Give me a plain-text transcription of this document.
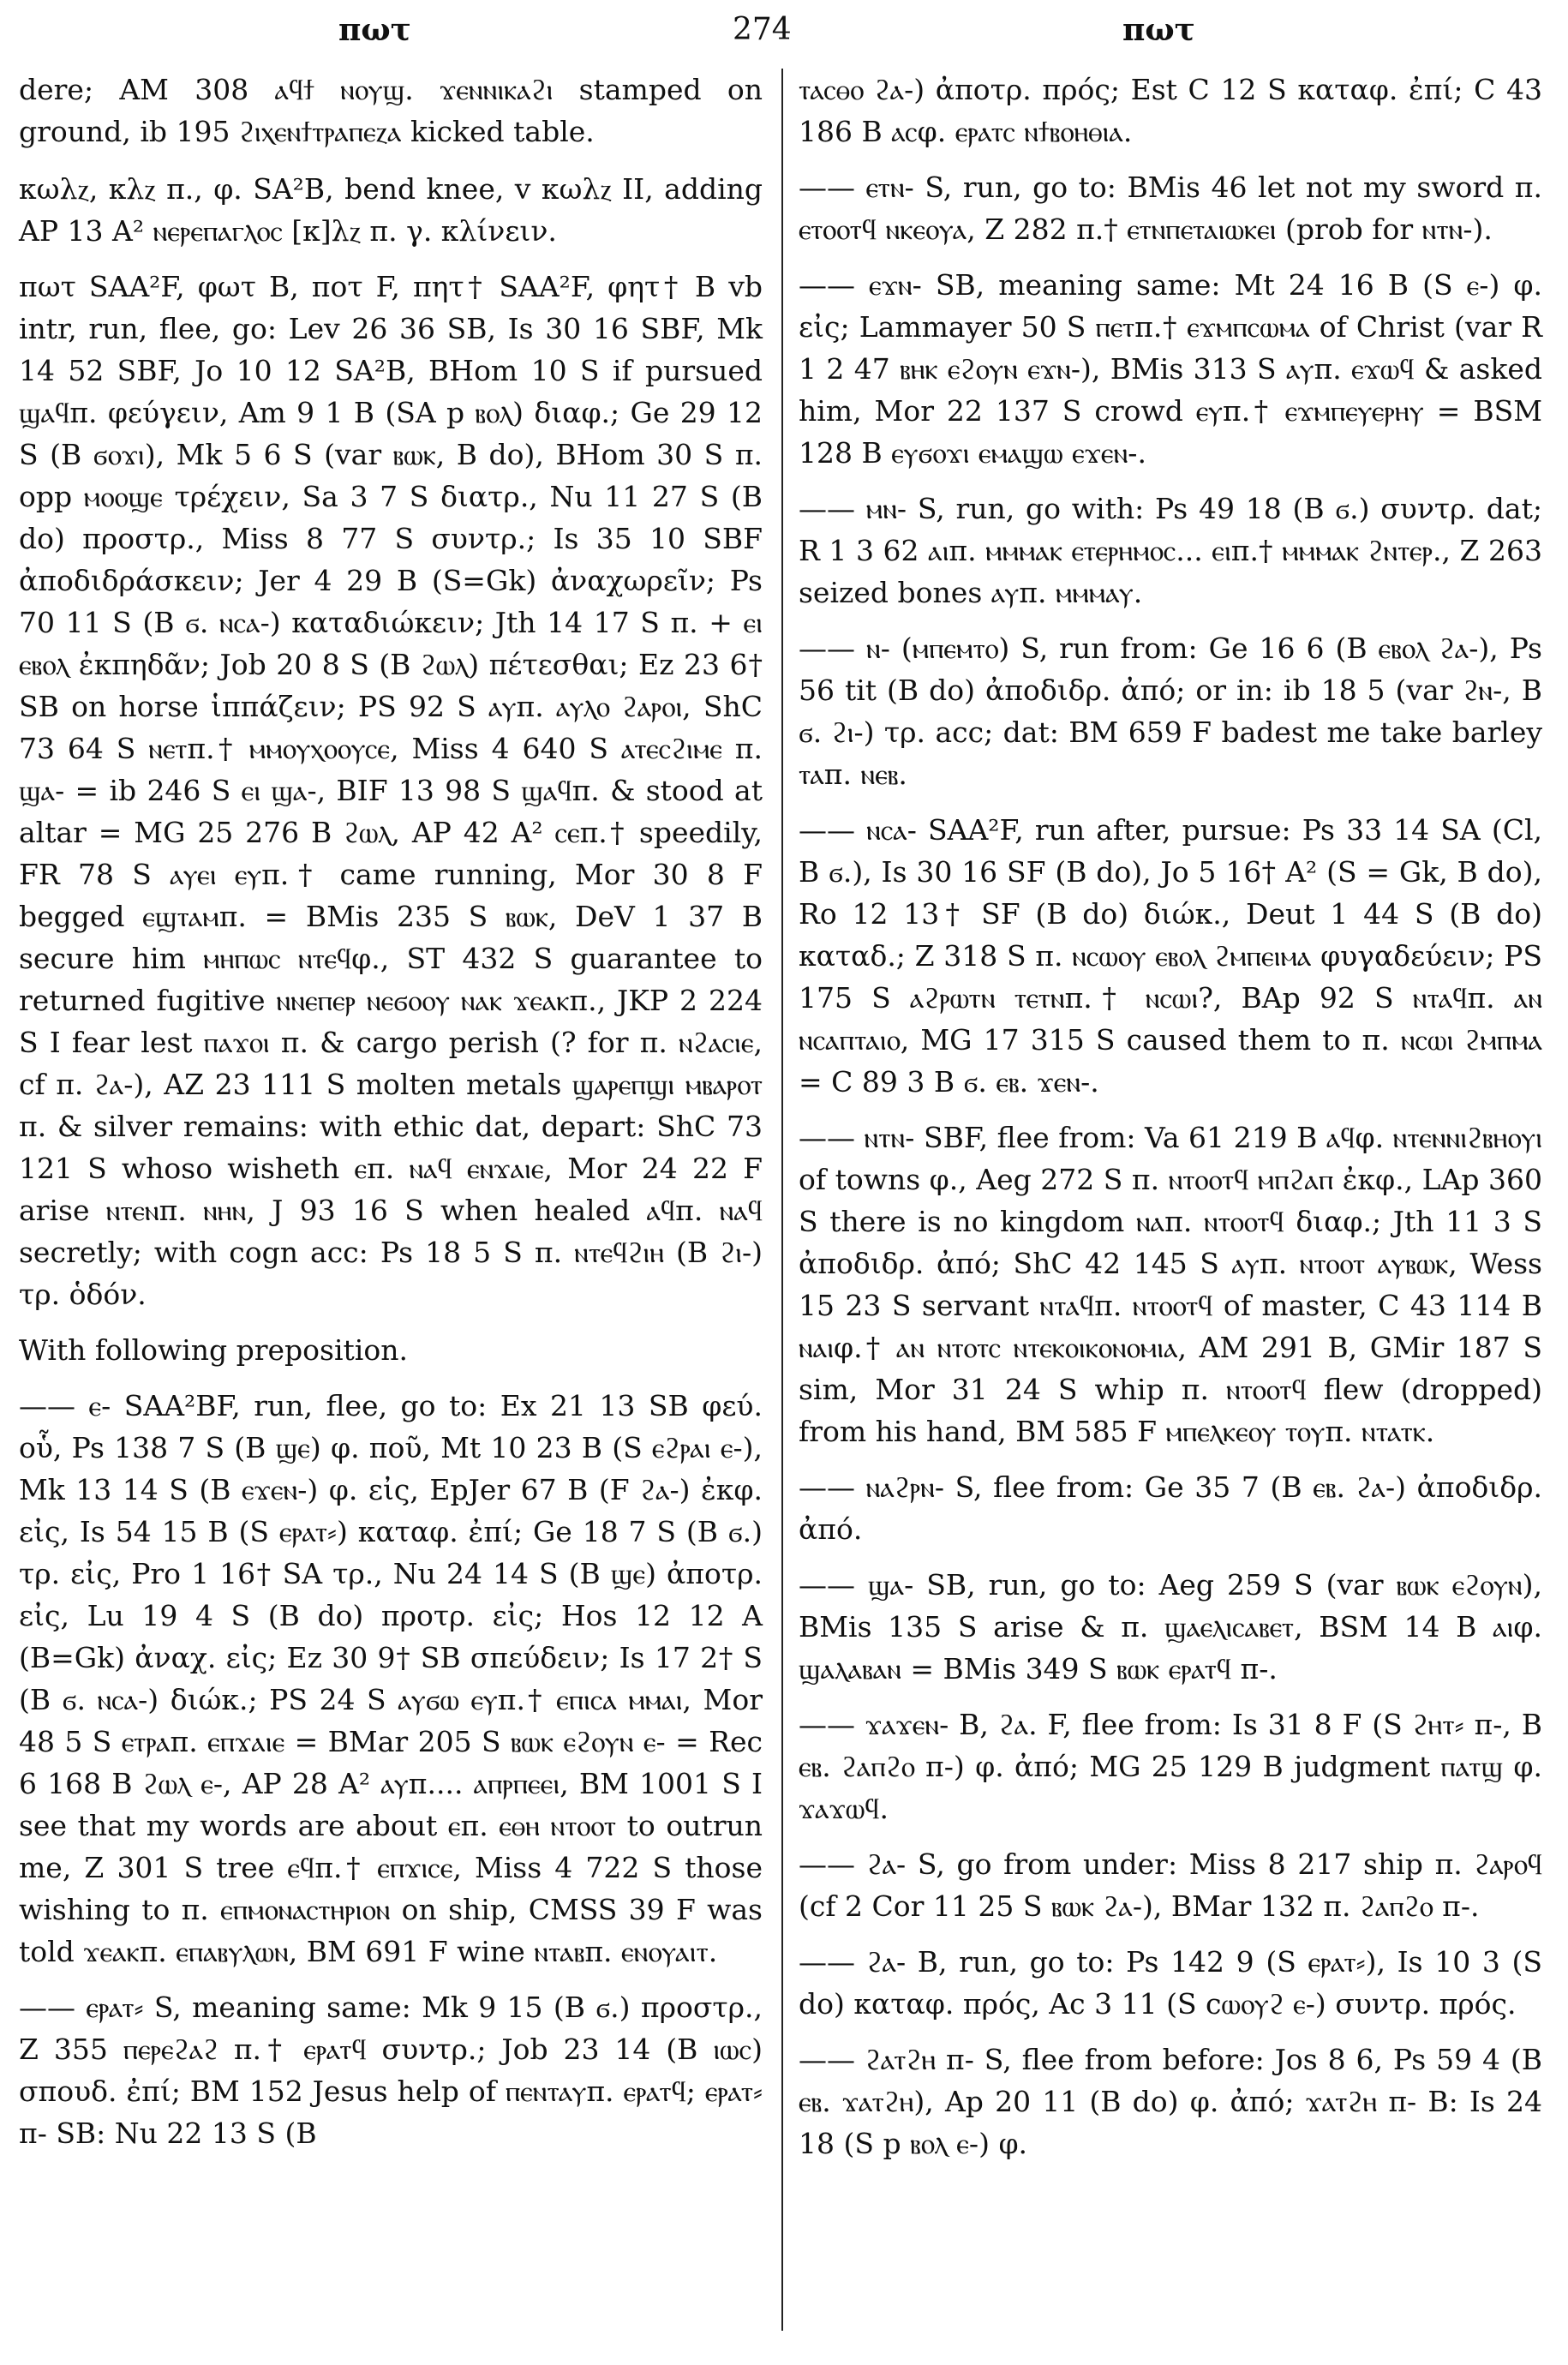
πωτ	274	πωτ

dere; AM 308 ⲁϥϯ ⲛⲟⲩϣ. ϫⲉⲛⲛⲓⲕⲁϩⲓ stamped on ground, ib 195 ϩⲓⲭⲉⲛϯⲧⲣⲁⲡⲉⲍⲁ kicked table.

κωλⲍ, κλⲍ π., φ. SA²B, bend knee, v κωλⲍ II, adding AP 13 A² ⲛⲉⲣⲉⲡⲁⲅⲗⲟⲥ [κ]λⲍ π. γ. κλίνειν.

πωτ SAA²F, φωτ B, ποτ F, πητ† SAA²F, φητ† B vb intr, run, flee, go: Lev 26 36 SB, Is 30 16 SBF, Mk 14 52 SBF, Jo 10 12 SA²B, BHom 10 S if pursued ϣⲁϥπ. φεύγειν, Am 9 1 B (SA p ⲃⲟⲗ) διαφ.; Ge 29 12 S (B ϭⲟϫⲓ), Mk 5 6 S (var ⲃⲱⲕ, B do), BHom 30 S π. opp ⲙⲟⲟϣⲉ τρέχειν, Sa 3 7 S διατρ., Nu 11 27 S (B do) προστρ., Miss 8 77 S συντρ.; Is 35 10 SBF ἀποδιδράσκειν; Jer 4 29 B (S=Gk) ἀναχωρεῖν; Ps 70 11 S (B ϭ. ⲛⲥⲁ-) καταδιώκειν; Jth 14 17 S π. + ⲉⲓ ⲉⲃⲟⲗ ἐκπηδᾶν; Job 20 8 S (B ϩⲱⲗ) πέτεσθαι; Ez 23 6† SB on horse ἱππάζειν; PS 92 S ⲁⲩπ. ⲁⲩⲗⲟ ϩⲁⲣⲟⲓ, ShC 73 64 S ⲛⲉⲧπ.† ⲙⲙⲟⲩⲭⲟⲟⲩⲥⲉ, Miss 4 640 S ⲁⲧⲉⲥϩⲓⲙⲉ π. ϣⲁ- = ib 246 S ⲉⲓ ϣⲁ-, BIF 13 98 S ϣⲁϥπ. & stood at altar = MG 25 276 B ϩⲱⲗ, AP 42 A² ⲥⲉπ.† speedily, FR 78 S ⲁⲩⲉⲓ ⲉⲩπ.† came running, Mor 30 8 F begged ⲉϣⲧⲁⲙπ. = BMis 235 S ⲃⲱⲕ, DeV 1 37 B secure him ⲙⲏⲡⲱⲥ ⲛⲧⲉϥφ., ST 432 S guarantee to returned fugitive ⲛⲛⲉⲡⲉⲣ ⲛⲉϭⲟⲟⲩ ⲛⲁⲕ ϫⲉⲁⲕπ., JKP 2 224 S I fear lest ⲡⲁϫⲟⲓ π. & cargo perish (? for π. ⲛϩⲁⲥⲓⲉ, cf π. ϩⲁ-), AZ 23 111 S molten metals ϣⲁⲣⲉⲡϣⲓ ⲙⲃⲁⲣⲟⲧ π. & silver remains: with ethic dat, depart: ShC 73 121 S whoso wisheth ⲉπ. ⲛⲁϥ ⲉⲛϫⲁⲓⲉ, Mor 24 22 F arise ⲛⲧⲉⲛπ. ⲛⲏⲛ, J 93 16 S when healed ⲁϥπ. ⲛⲁϥ secretly; with cogn acc: Ps 18 5 S π. ⲛⲧⲉϥϩⲓⲏ (B ϩⲓ-) τρ. ὁδόν.

With following preposition.

—— ⲉ- SAA²BF, run, flee, go to: Ex 21 13 SB φεύ. οὗ, Ps 138 7 S (B ϣⲉ) φ. ποῦ, Mt 10 23 B (S ⲉϩⲣⲁⲓ ⲉ-), Mk 13 14 S (B ⲉϫⲉⲛ-) φ. εἰς, EpJer 67 B (F ϩⲁ-) ἐκφ. εἰς, Is 54 15 B (S ⲉⲣⲁⲧ⸗) καταφ. ἐπί; Ge 18 7 S (B ϭ.) τρ. εἰς, Pro 1 16† SA τρ., Nu 24 14 S (B ϣⲉ) ἀποτρ. εἰς, Lu 19 4 S (B do) προτρ. εἰς; Hos 12 12 A (B=Gk) ἀναχ. εἰς; Ez 30 9† SB σπεύδειν; Is 17 2† S (B ϭ. ⲛⲥⲁ-) διώκ.; PS 24 S ⲁⲩϭⲱ ⲉⲩπ.† ⲉⲡⲓⲥⲁ ⲙⲙⲁⲓ, Mor 48 5 S ⲉⲧⲣⲁπ. ⲉⲡϫⲁⲓⲉ = BMar 205 S ⲃⲱⲕ ⲉϩⲟⲩⲛ ⲉ- = Rec 6 168 B ϩⲱⲗ ⲉ-, AP 28 A² ⲁⲩπ.... ⲁⲡⲣⲡⲉⲉⲓ, BM 1001 S I see that my words are about ⲉπ. ⲉⲑⲏ ⲛⲧⲟⲟⲧ to outrun me, Z 301 S tree ⲉϥπ.† ⲉⲡϫⲓⲥⲉ, Miss 4 722 S those wishing to π. ⲉⲡⲙⲟⲛⲁⲥⲧⲏⲣⲓⲟⲛ on ship, CMSS 39 F was told ϫⲉⲁⲕπ. ⲉⲡⲁⲃⲩⲗⲱⲛ, BM 691 F wine ⲛⲧⲁⲃπ. ⲉⲛⲟⲩⲁⲓⲧ.

—— ⲉⲣⲁⲧ⸗ S, meaning same: Mk 9 15 (B ϭ.) προστρ., Z 355 ⲡⲉⲣⲉϩⲁϩ π.† ⲉⲣⲁⲧϥ συντρ.; Job 23 14 (B ⲓⲱⲥ) σπουδ. ἐπί; BM 152 Jesus help of ⲡⲉⲛⲧⲁⲩπ. ⲉⲣⲁⲧϥ; ⲉⲣⲁⲧ⸗ π- SB: Nu 22 13 S (B

ⲧⲁⲥⲑⲟ ϩⲁ-) ἀποτρ. πρός; Est C 12 S καταφ. ἐπί; C 43 186 B ⲁⲥφ. ⲉⲣⲁⲧⲥ ⲛϯⲃⲟⲏⲑⲓⲁ.

—— ⲉⲧⲛ- S, run, go to: BMis 46 let not my sword π. ⲉⲧⲟⲟⲧϥ ⲛⲕⲉⲟⲩⲁ, Z 282 π.† ⲉⲧⲛⲡⲉⲧⲁⲓⲱⲕⲉⲓ (prob for ⲛⲧⲛ-).

—— ⲉϫⲛ- SB, meaning same: Mt 24 16 B (S ⲉ-) φ. εἰς; Lammayer 50 S ⲡⲉⲧπ.† ⲉϫⲙⲡⲥⲱⲙⲁ of Christ (var R 1 2 47 ⲃⲏⲕ ⲉϩⲟⲩⲛ ⲉϫⲛ-), BMis 313 S ⲁⲩπ. ⲉϫⲱϥ & asked him, Mor 22 137 S crowd ⲉⲩπ.† ⲉϫⲙⲡⲉⲩⲉⲣⲏⲩ = BSM 128 B ⲉⲩϭⲟϫⲓ ⲉⲙⲁϣⲱ ⲉϫⲉⲛ-.

—— ⲙⲛ- S, run, go with: Ps 49 18 (B ϭ.) συντρ. dat; R 1 3 62 ⲁⲓπ. ⲙⲙⲙⲁⲕ ⲉⲧⲉⲣⲏⲙⲟⲥ... ⲉⲓπ.† ⲙⲙⲙⲁⲕ ϩⲛⲧⲉⲣ., Z 263 seized bones ⲁⲩπ. ⲙⲙⲙⲁⲩ.

—— ⲛ- (ⲙⲡⲉⲙⲧⲟ) S, run from: Ge 16 6 (B ⲉⲃⲟⲗ ϩⲁ-), Ps 56 tit (B do) ἀποδιδρ. ἀπό; or in: ib 18 5 (var ϩⲛ-, B ϭ. ϩⲓ-) τρ. acc; dat: BM 659 F badest me take barley ⲧⲁπ. ⲛⲉⲃ.

—— ⲛⲥⲁ- SAA²F, run after, pursue: Ps 33 14 SA (Cl, B ϭ.), Is 30 16 SF (B do), Jo 5 16† A² (S = Gk, B do), Ro 12 13† SF (B do) διώκ., Deut 1 44 S (B do) καταδ.; Z 318 S π. ⲛⲥⲱⲟⲩ ⲉⲃⲟⲗ ϩⲙⲡⲉⲓⲙⲁ φυγαδεύειν; PS 175 S ⲁϩⲣⲱⲧⲛ ⲧⲉⲧⲛπ.† ⲛⲥⲱⲓ?, BAp 92 S ⲛⲧⲁϥπ. ⲁⲛ ⲛⲥⲁⲡⲧⲁⲓⲟ, MG 17 315 S caused them to π. ⲛⲥⲱⲓ ϩⲙⲡⲙⲁ = C 89 3 B ϭ. ⲉⲃ. ϫⲉⲛ-.

—— ⲛⲧⲛ- SBF, flee from: Va 61 219 B ⲁϥφ. ⲛⲧⲉⲛⲛⲓϩⲃⲏⲟⲩⲓ of towns φ., Aeg 272 S π. ⲛⲧⲟⲟⲧϥ ⲙⲡϩⲁⲡ ἐκφ., LAp 360 S there is no kingdom ⲛⲁπ. ⲛⲧⲟⲟⲧϥ διαφ.; Jth 11 3 S ἀποδιδρ. ἀπό; ShC 42 145 S ⲁⲩπ. ⲛⲧⲟⲟⲧ ⲁⲩⲃⲱⲕ, Wess 15 23 S servant ⲛⲧⲁϥπ. ⲛⲧⲟⲟⲧϥ of master, C 43 114 B ⲛⲁⲓφ.† ⲁⲛ ⲛⲧⲟⲧⲥ ⲛⲧⲉⲕⲟⲓⲕⲟⲛⲟⲙⲓⲁ, AM 291 B, GMir 187 S sim, Mor 31 24 S whip π. ⲛⲧⲟⲟⲧϥ flew (dropped) from his hand, BM 585 F ⲙⲡⲉⲗⲕⲉⲟⲩ ⲧⲟⲩπ. ⲛⲧⲁⲧⲕ.

—— ⲛⲁϩⲣⲛ- S, flee from: Ge 35 7 (B ⲉⲃ. ϩⲁ-) ἀποδιδρ. ἀπό.

—— ϣⲁ- SB, run, go to: Aeg 259 S (var ⲃⲱⲕ ⲉϩⲟⲩⲛ), BMis 135 S arise & π. ϣⲁⲉⲗⲓⲥⲁⲃⲉⲧ, BSM 14 B ⲁⲓφ. ϣⲁⲗⲁⲃⲁⲛ = BMis 349 S ⲃⲱⲕ ⲉⲣⲁⲧϥ π-.

—— ϫⲁϫⲉⲛ- B, ϩⲁ. F, flee from: Is 31 8 F (S ϩⲏⲧ⸗ π-, B ⲉⲃ. ϩⲁⲡϩⲟ π-) φ. ἀπό; MG 25 129 B judgment ⲡⲁⲧϣ φ. ϫⲁϫⲱϥ.

—— ϩⲁ- S, go from under: Miss 8 217 ship π. ϩⲁⲣⲟϥ (cf 2 Cor 11 25 S ⲃⲱⲕ ϩⲁ-), BMar 132 π. ϩⲁⲡϩⲟ π-.

—— ϩⲁ- B, run, go to: Ps 142 9 (S ⲉⲣⲁⲧ⸗), Is 10 3 (S do) καταφ. πρός, Ac 3 11 (S ϲⲱⲟⲩϩ ⲉ-) συντρ. πρός.

—— ϩⲁⲧϩⲏ π- S, flee from before: Jos 8 6, Ps 59 4 (B ⲉⲃ. ϫⲁⲧϩⲏ), Ap 20 11 (B do) φ. ἀπό; ϫⲁⲧϩⲏ π- B: Is 24 18 (S p ⲃⲟⲗ ⲉ-) φ.
